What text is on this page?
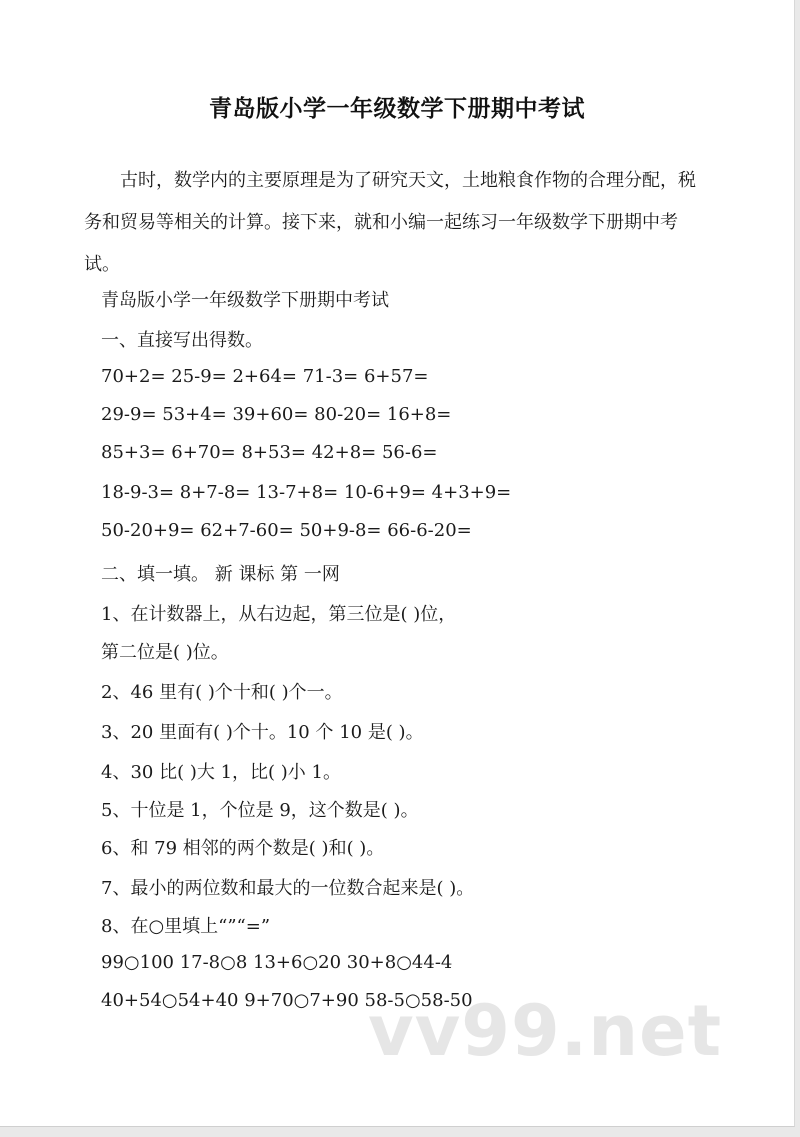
青岛版小学一年级数学下册期中考试
古时，数学内的主要原理是为了研究天文，土地粮食作物的合理分配，税务和贸易等相关的计算。接下来，就和小编一起练习一年级数学下册期中考试。
青岛版小学一年级数学下册期中考试
一、直接写出得数。
70+2= 25-9= 2+64= 71-3= 6+57=
29-9= 53+4= 39+60= 80-20= 16+8=
85+3= 6+70= 8+53= 42+8= 56-6=
18-9-3= 8+7-8= 13-7+8= 10-6+9= 4+3+9=
50-20+9= 62+7-60= 50+9-8= 66-6-20=
二、填一填。 新 课标 第 一网
1、在计数器上，从右边起，第三位是( )位，
第二位是( )位。
2、46 里有( )个十和( )个一。
3、20 里面有( )个十。10 个 10 是( )。
4、30 比( )大 1，比( )小 1。
5、十位是 1，个位是 9，这个数是( )。
6、和 79 相邻的两个数是( )和( )。
7、最小的两位数和最大的一位数合起来是( )。
8、在○里填上“”“=”
99○100 17-8○8 13+6○20 30+8○44-4
40+54○54+40 9+70○7+90 58-5○58-50
vv99.net
